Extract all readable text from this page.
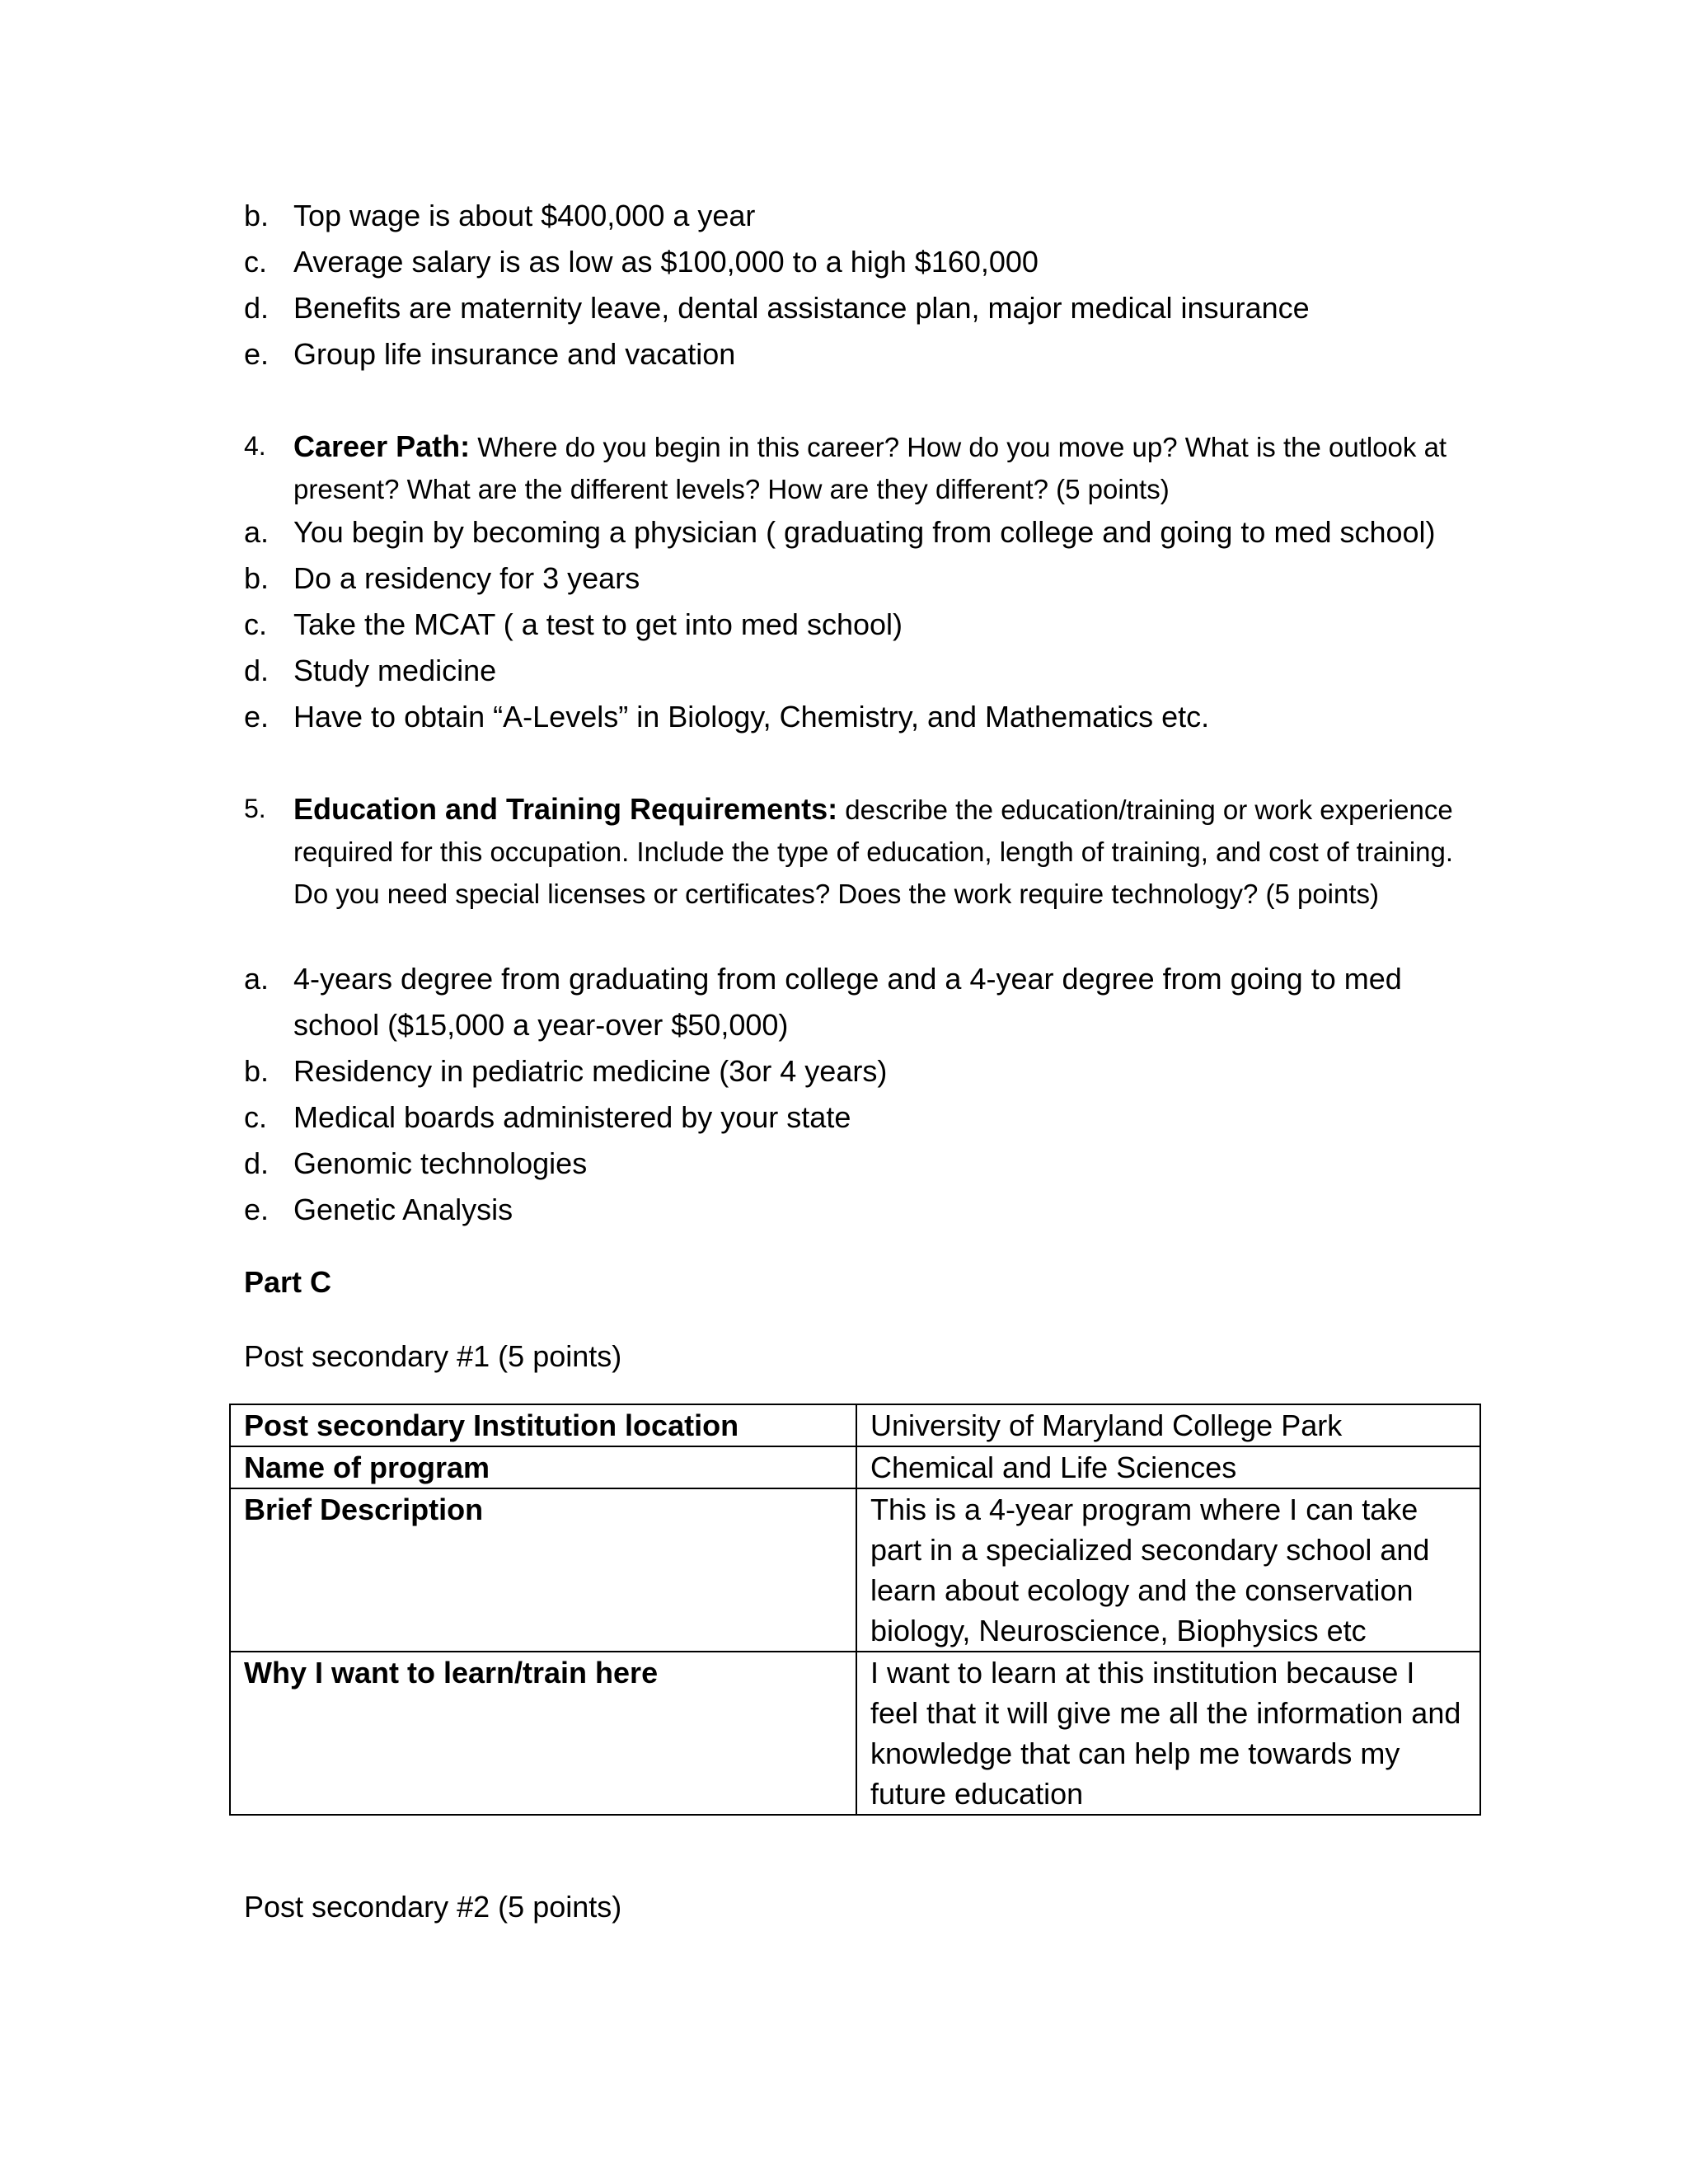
b. Top wage is about $400,000 a year
c. Average salary is as low as $100,000 to a high $160,000
d. Benefits are maternity leave, dental assistance plan, major medical insurance
e. Group life insurance and vacation
4. Career Path: Where do you begin in this career? How do you move up? What is the outlook at present? What are the different levels? How are they different? (5 points)
a. You begin by becoming a physician ( graduating from college and going to med school)
b. Do a residency for 3 years
c. Take the MCAT ( a test to get into med school)
d. Study medicine
e. Have to obtain “A-Levels” in Biology, Chemistry, and Mathematics etc.
5. Education and Training Requirements: describe the education/training or work experience required for this occupation. Include the type of education, length of training, and cost of training. Do you need special licenses or certificates? Does the work require technology? (5 points)
a. 4-years degree from graduating from college and a 4-year degree from going to med school ($15,000 a year-over $50,000)
b. Residency in pediatric medicine (3or 4 years)
c. Medical boards administered by your state
d. Genomic technologies
e. Genetic Analysis
Part C
Post secondary #1 (5 points)
Post secondary Institution location	University of Maryland College Park
Name of program	Chemical and Life Sciences
Brief Description	This is a 4-year program where I can take part in a specialized secondary school and learn about ecology and the conservation biology, Neuroscience, Biophysics etc
Why I want to learn/train here	I want to learn at this institution because I feel that it will give me all the information and knowledge that can help me towards my future education
Post secondary #2 (5 points)
